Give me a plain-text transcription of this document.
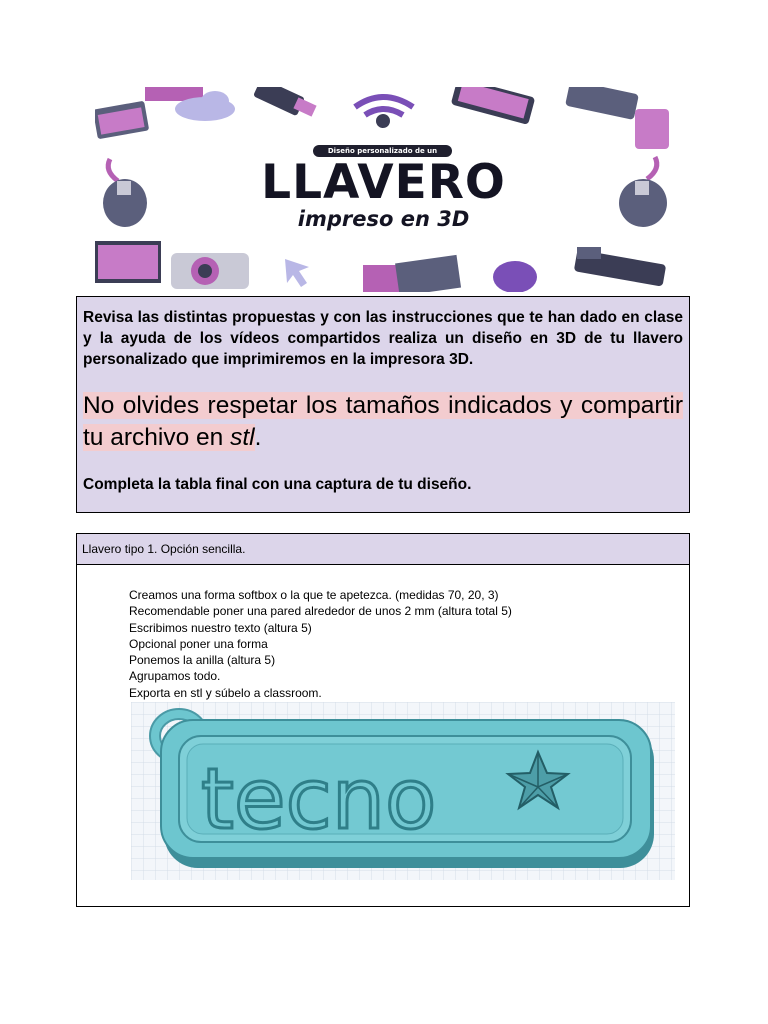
Diseño personalizado de un
LLAVERO
impreso en 3D

Revisa las distintas propuestas y con las instrucciones que te han dado en clase y la ayuda de los vídeos compartidos realiza un diseño en 3D de tu llavero personalizado que imprimiremos en la impresora 3D.

No olvides respetar los tamaños indicados y compartir tu archivo en stl.

Completa la tabla final con una captura de tu diseño.

Llavero tipo 1. Opción sencilla.
Creamos una forma softbox o la que te apetezca. (medidas 70, 20, 3)
Recomendable poner una pared alrededor de unos 2 mm (altura total 5)
Escribimos nuestro texto (altura 5)
Opcional poner una forma
Ponemos la anilla (altura 5)
Agrupamos todo.
Exporta en stl y súbelo a classroom.
tecno
